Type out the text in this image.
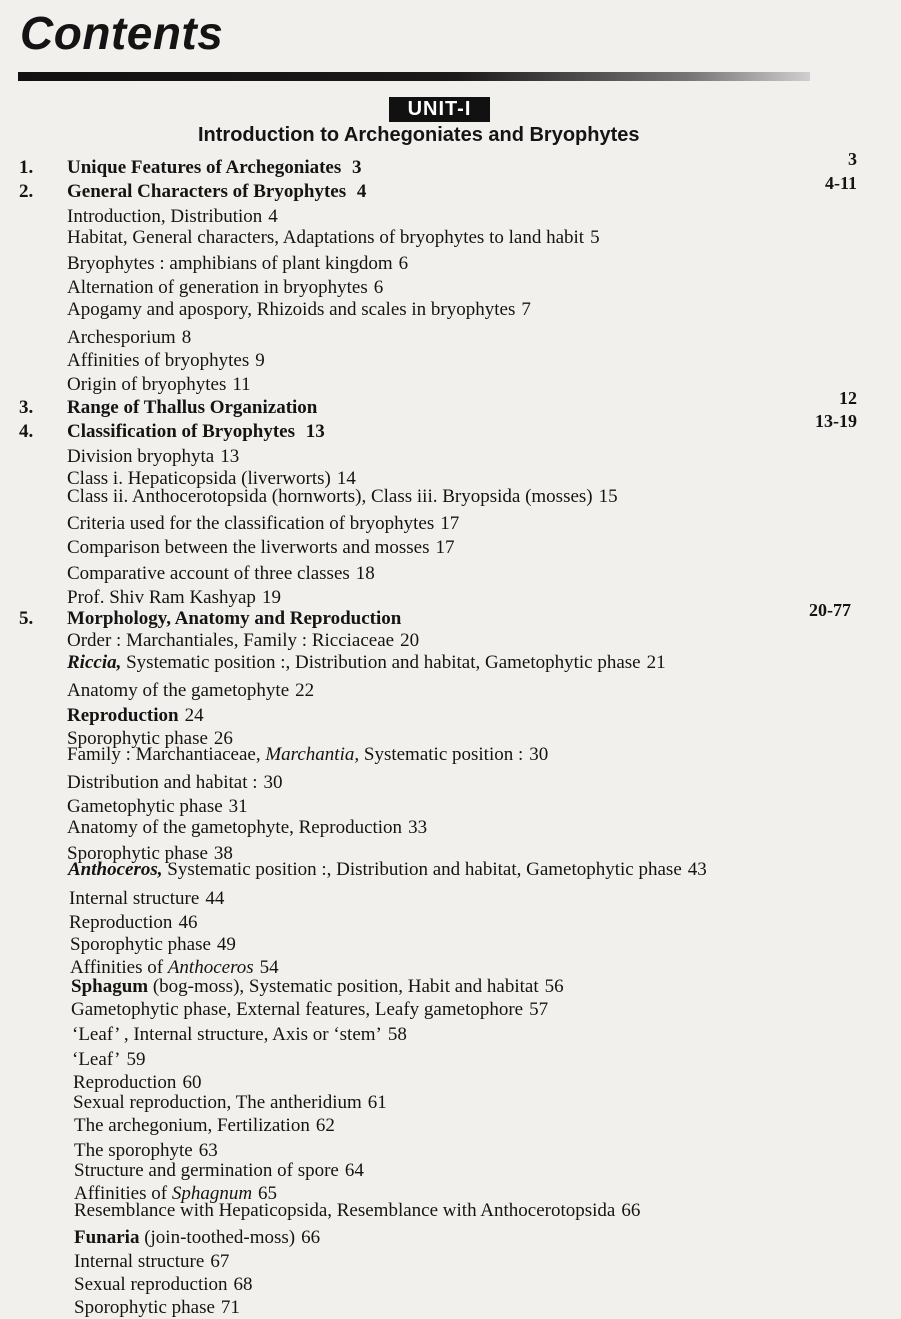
Contents
UNIT-I
Introduction to Archegoniates and Bryophytes
1. Unique Features of Archegoniates 3	3
2. General Characters of Bryophytes 4	4-11
Introduction, Distribution 4
Habitat, General characters, Adaptations of bryophytes to land habit 5
Bryophytes : amphibians of plant kingdom 6
Alternation of generation in bryophytes 6
Apogamy and apospory, Rhizoids and scales in bryophytes 7
Archesporium 8
Affinities of bryophytes 9
Origin of bryophytes 11
3. Range of Thallus Organization	12
4. Classification of Bryophytes 13	13-19
Division bryophyta 13
Class i. Hepaticopsida (liverworts) 14
Class ii. Anthocerotopsida (hornworts), Class iii. Bryopsida (mosses) 15
Criteria used for the classification of bryophytes 17
Comparison between the liverworts and mosses 17
Comparative account of three classes 18
Prof. Shiv Ram Kashyap 19
5. Morphology, Anatomy and Reproduction	20-77
Order : Marchantiales, Family : Ricciaceae 20
Riccia, Systematic position :, Distribution and habitat, Gametophytic phase 21
Anatomy of the gametophyte 22
Reproduction 24
Sporophytic phase 26
Family : Marchantiaceae, Marchantia, Systematic position : 30
Distribution and habitat : 30
Gametophytic phase 31
Anatomy of the gametophyte, Reproduction 33
Sporophytic phase 38
Anthoceros, Systematic position :, Distribution and habitat, Gametophytic phase 43
Internal structure 44
Reproduction 46
Sporophytic phase 49
Affinities of Anthoceros 54
Sphagum (bog-moss), Systematic position, Habit and habitat 56
Gametophytic phase, External features, Leafy gametophore 57
‘Leaf’ , Internal structure, Axis or ‘stem’ 58
‘Leaf’ 59
Reproduction 60
Sexual reproduction, The antheridium 61
The archegonium, Fertilization 62
The sporophyte 63
Structure and germination of spore 64
Affinities of Sphagnum 65
Resemblance with Hepaticopsida, Resemblance with Anthocerotopsida 66
Funaria (join-toothed-moss) 66
Internal structure 67
Sexual reproduction 68
Sporophytic phase 71
